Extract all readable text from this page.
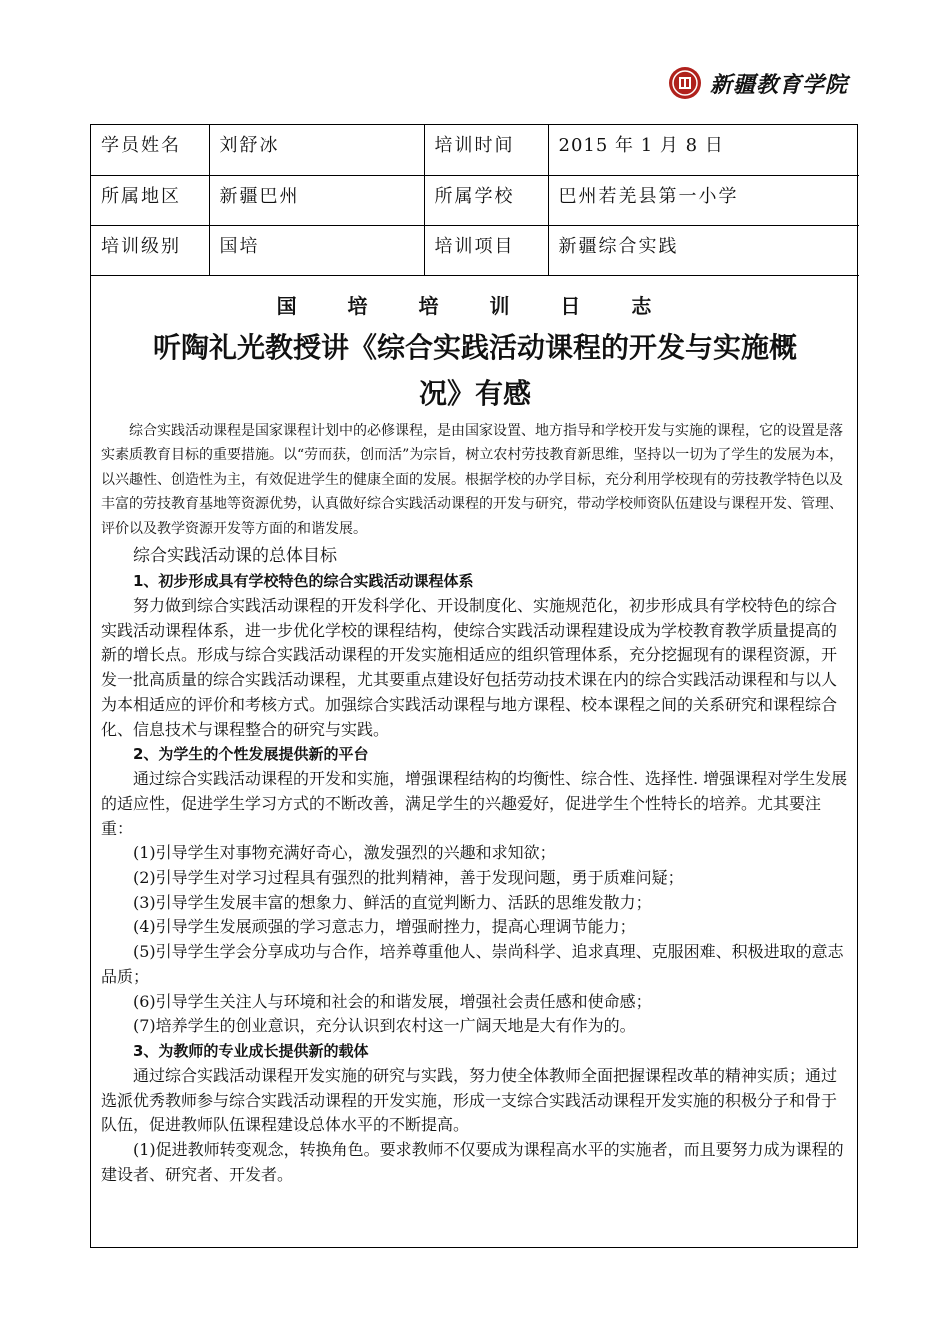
新疆教育学院
学员姓名	刘舒冰	培训时间	2015 年 1 月 8 日

所属地区	新疆巴州	所属学校	巴州若羌县第一小学

培训级别	国培	培训项目	新疆综合实践
国 培 培 训 日 志
听陶礼光教授讲《综合实践活动课程的开发与实施概
况》有感

综合实践活动课程是国家课程计划中的必修课程，是由国家设置、地方指导和学校开发与实施的课程，它的设置是落实素质教育目标的重要措施。以“劳而获，创而活”为宗旨，树立农村劳技教育新思维，坚持以一切为了学生的发展为本，以兴趣性、创造性为主，有效促进学生的健康全面的发展。根据学校的办学目标，充分利用学校现有的劳技教学特色以及丰富的劳技教育基地等资源优势，认真做好综合实践活动课程的开发与研究，带动学校师资队伍建设与课程开发、管理、评价以及教学资源开发等方面的和谐发展。

综合实践活动课的总体目标
1、初步形成具有学校特色的综合实践活动课程体系

努力做到综合实践活动课程的开发科学化、开设制度化、实施规范化，初步形成具有学校特色的综合实践活动课程体系，进一步优化学校的课程结构，使综合实践活动课程建设成为学校教育教学质量提高的新的增长点。形成与综合实践活动课程的开发实施相适应的组织管理体系，充分挖掘现有的课程资源，开发一批高质量的综合实践活动课程，尤其要重点建设好包括劳动技术课在内的综合实践活动课程和与以人为本相适应的评价和考核方式。加强综合实践活动课程与地方课程、校本课程之间的关系研究和课程综合化、信息技术与课程整合的研究与实践。

2、为学生的个性发展提供新的平台

通过综合实践活动课程的开发和实施，增强课程结构的均衡性、综合性、选择性. 增强课程对学生发展的适应性，促进学生学习方式的不断改善，满足学生的兴趣爱好，促进学生个性特长的培养。尤其要注重：

(1)引导学生对事物充满好奇心，激发强烈的兴趣和求知欲；

(2)引导学生对学习过程具有强烈的批判精神，善于发现问题，勇于质难问疑；

(3)引导学生发展丰富的想象力、鲜活的直觉判断力、活跃的思维发散力；

(4)引导学生发展顽强的学习意志力，增强耐挫力，提高心理调节能力；

(5)引导学生学会分享成功与合作，培养尊重他人、崇尚科学、追求真理、克服困难、积极进取的意志品质；

(6)引导学生关注人与环境和社会的和谐发展，增强社会责任感和使命感；

(7)培养学生的创业意识，充分认识到农村这一广阔天地是大有作为的。

3、为教师的专业成长提供新的载体

通过综合实践活动课程开发实施的研究与实践，努力使全体教师全面把握课程改革的精神实质；通过选派优秀教师参与综合实践活动课程的开发实施，形成一支综合实践活动课程开发实施的积极分子和骨于队伍，促进教师队伍课程建设总体水平的不断提高。

(1)促进教师转变观念，转换角色。要求教师不仅要成为课程高水平的实施者，而且要努力成为课程的建设者、研究者、开发者。
